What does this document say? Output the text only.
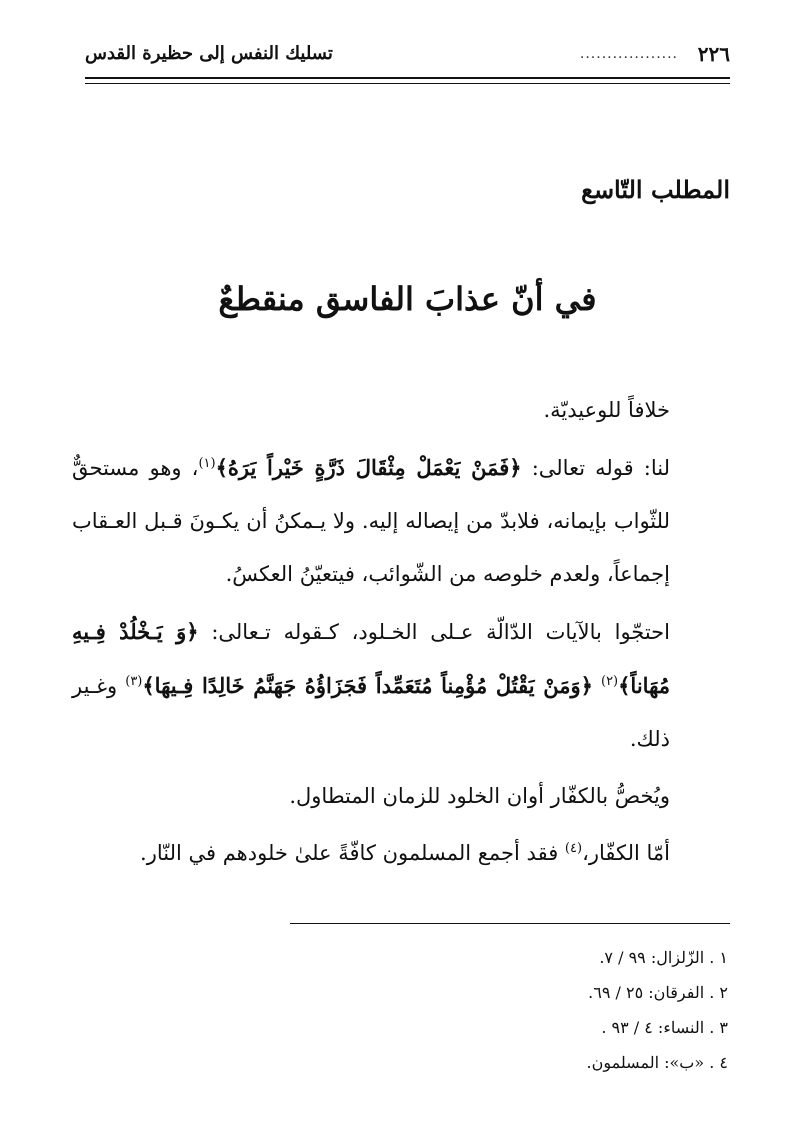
٢٢٦
..................
تسليك النفس إلى حظيرة القدس
المطلب التّاسع
في أنّ عذابَ الفاسق منقطعٌ

خلافاً للوعيديّة.

لنا: قوله تعالى: ﴿فَمَنْ يَعْمَلْ مِثْقَالَ ذَرَّةٍ خَيْراً يَرَهُ﴾$^{(١)}$، وهو مستحقٌّ للثّواب بإيمانه، فلابدّ من إيصاله إليه. ولا يـمكنُ أن يكـونَ قـبل العـقاب إجماعاً، ولعدم خلوصه من الشّوائب، فيتعيّنُ العكسُ.

احتجّوا بالآيات الدّالّة عـلى الخـلود، كـقوله تـعالى: ﴿وَ يَـخْلُدْ فِـيهِ مُهَاناً﴾$^{(٢)}$ ﴿وَمَنْ يَقْتُلْ مُؤْمِناً مُتَعَمِّداً فَجَزَاؤُهُ جَهَنَّمُ خَالِدًا فِـيهَا﴾$^{(٣)}$ وغـير ذلك.

ويُخصُّ بالكفّار أوان الخلود للزمان المتطاول.

أمّا الكفّار،$^{(٤)}$ فقد أجمع المسلمون كافّةً علىٰ خلودهم في النّار.

١ . الزّلزال: ٩٩ / ٧.

٢ . الفرقان: ٢٥ / ٦٩.

٣ . النساء: ٤ / ٩٣ .

٤ . «ب»: المسلمون.
